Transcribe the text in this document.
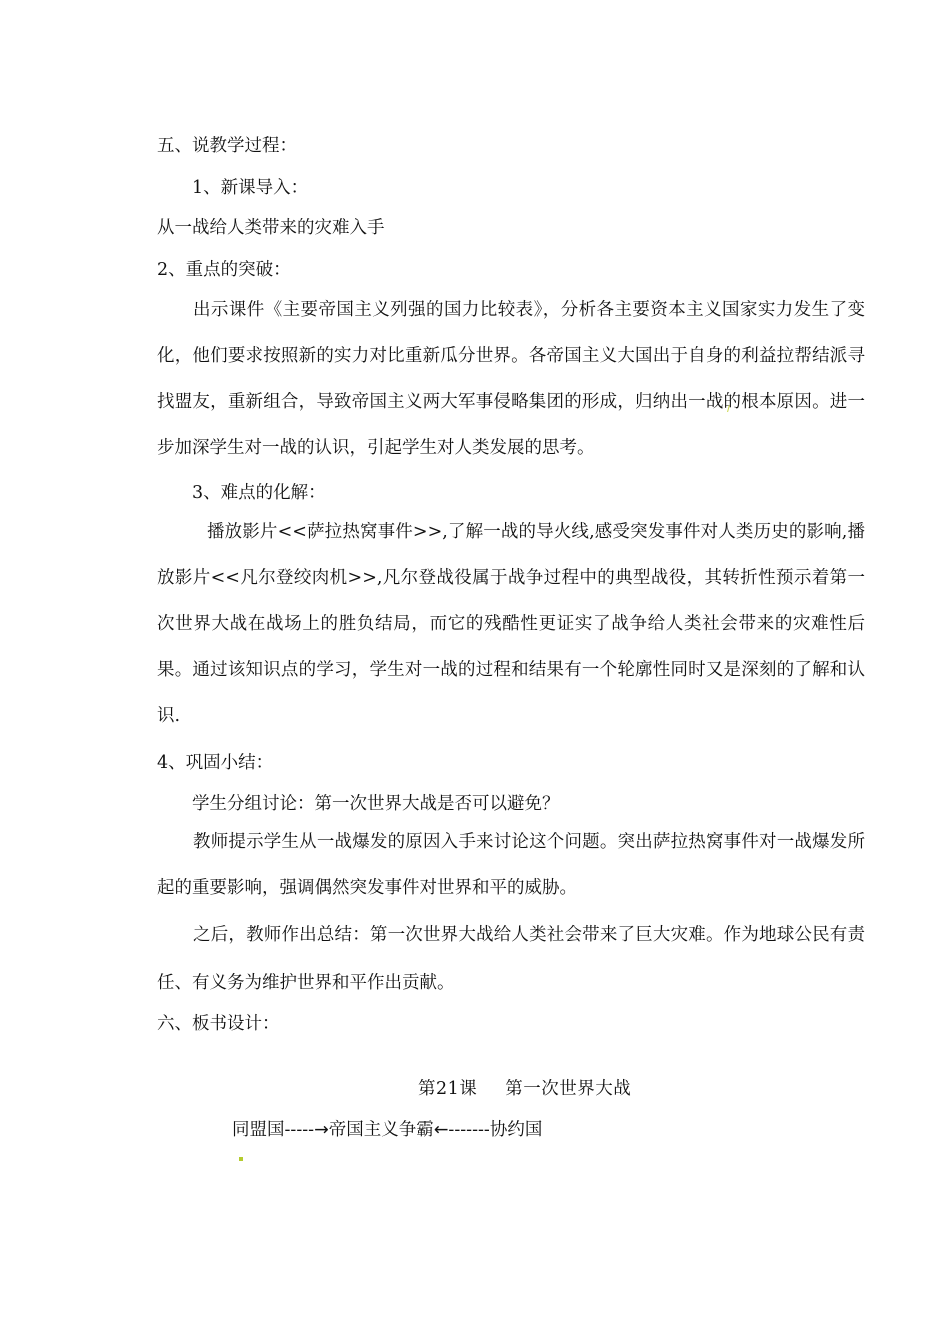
五、说教学过程：
1、新课导入：
从一战给人类带来的灾难入手
2、重点的突破：
出示课件《主要帝国主义列强的国力比较表》，分析各主要资本主义国家实力发生了变化，他们要求按照新的实力对比重新瓜分世界。各帝国主义大国出于自身的利益拉帮结派寻找盟友，重新组合，导致帝国主义两大军事侵略集团的形成，归纳出一战的根本原因。进一步加深学生对一战的认识，引起学生对人类发展的思考。
3、难点的化解：
播放影片<<萨拉热窝事件>>,了解一战的导火线,感受突发事件对人类历史的影响,播放影片<<凡尔登绞肉机>>,凡尔登战役属于战争过程中的典型战役，其转折性预示着第一次世界大战在战场上的胜负结局，而它的残酷性更证实了战争给人类社会带来的灾难性后果。通过该知识点的学习，学生对一战的过程和结果有一个轮廓性同时又是深刻的了解和认识.
4、巩固小结：
学生分组讨论：第一次世界大战是否可以避免？
教师提示学生从一战爆发的原因入手来讨论这个问题。突出萨拉热窝事件对一战爆发所起的重要影响，强调偶然突发事件对世界和平的威胁。
之后，教师作出总结：第一次世界大战给人类社会带来了巨大灾难。作为地球公民有责任、有义务为维护世界和平作出贡献。
六、板书设计：
第21课 第一次世界大战
同盟国-----→帝国主义争霸←-------协约国
